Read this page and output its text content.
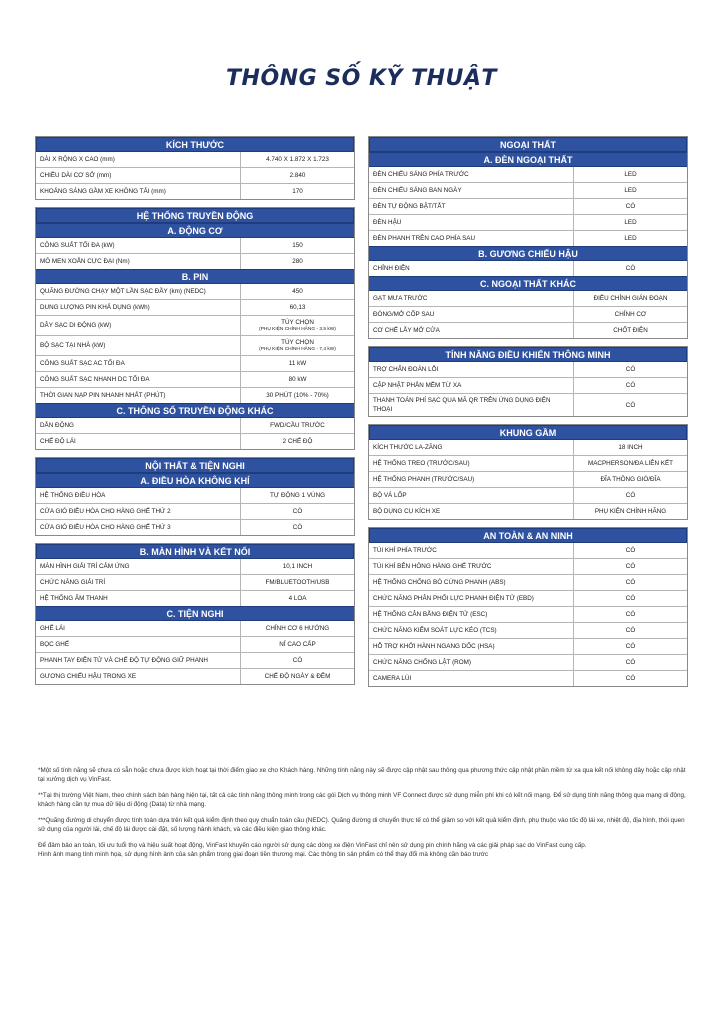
THÔNG SỐ KỸ THUẬT
KÍCH THƯỚC
DÀI X RỘNG X CAO (mm)	4.740 X 1.872 X 1.723
CHIỀU DÀI CƠ SỞ (mm)	2.840
KHOẢNG SÁNG GẦM XE KHÔNG TẢI (mm)	170
HỆ THỐNG TRUYỀN ĐỘNG
A. ĐỘNG CƠ
CÔNG SUẤT TỐI ĐA (kW)	150
MÔ MEN XOẮN CỰC ĐẠI (Nm)	280
B. PIN
QUÃNG ĐƯỜNG CHẠY MỘT LẦN SẠC ĐẦY (km) (NEDC)	450
DUNG LƯỢNG PIN KHẢ DỤNG (kWh)	60,13
DÂY SẠC DI ĐỘNG (kW)	TÙY CHỌN
(PHỤ KIỆN CHÍNH HÃNG - 3,5 kW)
BỘ SẠC TẠI NHÀ (kW)	TÙY CHỌN
(PHỤ KIỆN CHÍNH HÃNG - 7,4 kW)
CÔNG SUẤT SẠC AC TỐI ĐA	11 kW
CÔNG SUẤT SẠC NHANH DC TỐI ĐA	80 kW
THỜI GIAN NẠP PIN NHANH NHẤT (PHÚT)	30 PHÚT (10% - 70%)
C. THÔNG SỐ TRUYỀN ĐỘNG KHÁC
DẪN ĐỘNG	FWD/CẦU TRƯỚC
CHẾ ĐỘ LÁI	2 CHẾ ĐỘ
NỘI THẤT & TIỆN NGHI
A. ĐIỀU HÒA KHÔNG KHÍ
HỆ THỐNG ĐIỀU HÒA	TỰ ĐỘNG 1 VÙNG
CỬA GIÓ ĐIỀU HÒA CHO HÀNG GHẾ THỨ 2	CÓ
CỬA GIÓ ĐIỀU HÒA CHO HÀNG GHẾ THỨ 3	CÓ
B. MÀN HÌNH VÀ KẾT NỐI
MÀN HÌNH GIẢI TRÍ CẢM ỨNG	10,1 INCH
CHỨC NĂNG GIẢI TRÍ	FM/BLUETOOTH/USB
HỆ THỐNG ÂM THANH	4 LOA
C. TIỆN NGHI
GHẾ LÁI	CHỈNH CƠ 6 HƯỚNG
BỌC GHẾ	NỈ CAO CẤP
PHANH TAY ĐIỆN TỬ VÀ CHẾ ĐỘ TỰ ĐỘNG GIỮ PHANH	CÓ
GƯƠNG CHIẾU HẬU TRONG XE	CHẾ ĐỘ NGÀY & ĐÊM
NGOẠI THẤT
A. ĐÈN NGOẠI THẤT
ĐÈN CHIẾU SÁNG PHÍA TRƯỚC	LED
ĐÈN CHIẾU SÁNG BAN NGÀY	LED
ĐÈN TỰ ĐỘNG BẬT/TẮT	CÓ
ĐÈN HẬU	LED
ĐÈN PHANH TRÊN CAO PHÍA SAU	LED
B. GƯƠNG CHIẾU HẬU
CHỈNH ĐIỆN	CÓ
C. NGOẠI THẤT KHÁC
GẠT MƯA TRƯỚC	ĐIỀU CHỈNH GIÁN ĐOẠN
ĐÓNG/MỞ CỐP SAU	CHỈNH CƠ
CƠ CHẾ LẪY MỞ CỬA	CHỐT ĐIỆN
TÍNH NĂNG ĐIỀU KHIỂN THÔNG MINH
TRỢ CHẨN ĐOÁN LỖI	CÓ
CẬP NHẬT PHẦN MỀM TỪ XA	CÓ
THANH TOÁN PHÍ SẠC QUA MÃ QR TRÊN ỨNG DỤNG ĐIỆN THOẠI
CÓ
KHUNG GẦM
KÍCH THƯỚC LA-ZĂNG	18 INCH
HỆ THỐNG TREO (TRƯỚC/SAU)	MACPHERSON/ĐA LIÊN KẾT
HỆ THỐNG PHANH (TRƯỚC/SAU)	ĐĨA THÔNG GIÓ/ĐĨA
BỘ VÁ LỐP	CÓ
BỘ DỤNG CỤ KÍCH XE	PHỤ KIỆN CHÍNH HÃNG
AN TOÀN & AN NINH
TÚI KHÍ PHÍA TRƯỚC	CÓ
TÚI KHÍ BÊN HÔNG HÀNG GHẾ TRƯỚC	CÓ
HỆ THỐNG CHỐNG BÓ CỨNG PHANH (ABS)	CÓ
CHỨC NĂNG PHÂN PHỐI LỰC PHANH ĐIỆN TỬ (EBD)	CÓ
HỆ THỐNG CÂN BẰNG ĐIỆN TỬ (ESC)	CÓ
CHỨC NĂNG KIỂM SOÁT LỰC KÉO (TCS)	CÓ
HỖ TRỢ KHỞI HÀNH NGANG DỐC (HSA)	CÓ
CHỨC NĂNG CHỐNG LẬT (ROM)	CÓ
CAMERA LÙI	CÓ

*Một số tính năng sẽ chưa có sẵn hoặc chưa được kích hoạt tại thời điểm giao xe cho Khách hàng. Những tính năng này sẽ được cập nhật sau thông qua phương thức cập nhật phần mềm từ xa qua kết nối không dây hoặc cập nhật tại xưởng dịch vụ VinFast.

**Tại thị trường Việt Nam, theo chính sách bán hàng hiện tại, tất cả các tính năng thông minh trong các gói Dịch vụ thông minh VF Connect được sử dụng miễn phí khi có kết nối mạng. Để sử dụng tính năng thông qua mạng di động, khách hàng cần tự mua dữ liệu di động (Data) từ nhà mạng.

***Quãng đường di chuyển được tính toán dựa trên kết quả kiểm định theo quy chuẩn toàn cầu (NEDC). Quãng đường di chuyển thực tế có thể giảm so với kết quả kiểm định, phụ thuộc vào tốc độ lái xe, nhiệt độ, địa hình, thói quen sử dụng của người lái, chế độ lái được cài đặt, số lượng hành khách, và các điều kiện giao thông khác.

Để đảm bảo an toàn, tối ưu tuổi thọ và hiệu suất hoạt động, VinFast khuyến cáo người sử dụng các dòng xe điện VinFast chỉ nên sử dụng pin chính hãng và các giải pháp sạc do VinFast cung cấp.

Hình ảnh mang tính minh họa, sử dụng hình ảnh của sản phẩm trong giai đoạn tiền thương mại. Các thông tin sản phẩm có thể thay đổi mà không cần báo trước
